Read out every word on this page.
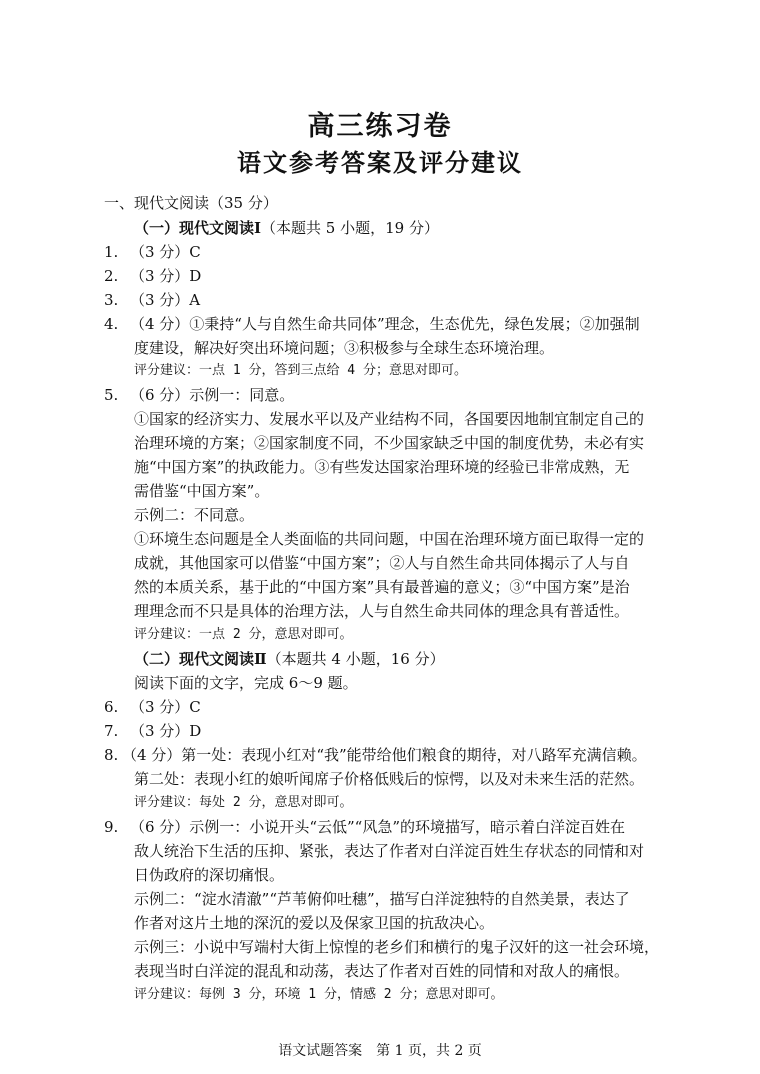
高三练习卷
语文参考答案及评分建议
一、现代文阅读（35 分）
（一）现代文阅读Ⅰ（本题共 5 小题，19 分）
1. （3 分）C
2. （3 分）D
3. （3 分）A
4. （4 分）①秉持“人与自然生命共同体”理念，生态优先，绿色发展；②加强制
度建设，解决好突出环境问题；③积极参与全球生态环境治理。
评分建议：一点 1 分，答到三点给 4 分；意思对即可。
5. （6 分）示例一：同意。
①国家的经济实力、发展水平以及产业结构不同，各国要因地制宜制定自己的
治理环境的方案；②国家制度不同，不少国家缺乏中国的制度优势，未必有实
施“中国方案”的执政能力。③有些发达国家治理环境的经验已非常成熟，无
需借鉴“中国方案”。
示例二：不同意。
①环境生态问题是全人类面临的共同问题，中国在治理环境方面已取得一定的
成就，其他国家可以借鉴“中国方案”；②人与自然生命共同体揭示了人与自
然的本质关系，基于此的“中国方案”具有最普遍的意义；③“中国方案”是治
理理念而不只是具体的治理方法，人与自然生命共同体的理念具有普适性。
评分建议：一点 2 分，意思对即可。
（二）现代文阅读Ⅱ（本题共 4 小题，16 分）
阅读下面的文字，完成 6～9 题。
6. （3 分）C
7. （3 分）D
8. （4 分）第一处：表现小红对“我”能带给他们粮食的期待，对八路军充满信赖。
第二处：表现小红的娘听闻席子价格低贱后的惊愕，以及对未来生活的茫然。
评分建议：每处 2 分，意思对即可。
9. （6 分）示例一：小说开头“云低”“风急”的环境描写，暗示着白洋淀百姓在
敌人统治下生活的压抑、紧张，表达了作者对白洋淀百姓生存状态的同情和对
日伪政府的深切痛恨。
示例二：“淀水清澈”“芦苇俯仰吐穗”，描写白洋淀独特的自然美景，表达了
作者对这片土地的深沉的爱以及保家卫国的抗敌决心。
示例三：小说中写端村大街上惊惶的老乡们和横行的鬼子汉奸的这一社会环境，
表现当时白洋淀的混乱和动荡，表达了作者对百姓的同情和对敌人的痛恨。
评分建议：每例 3 分，环境 1 分，情感 2 分；意思对即可。
语文试题答案　第 1 页，共 2 页
